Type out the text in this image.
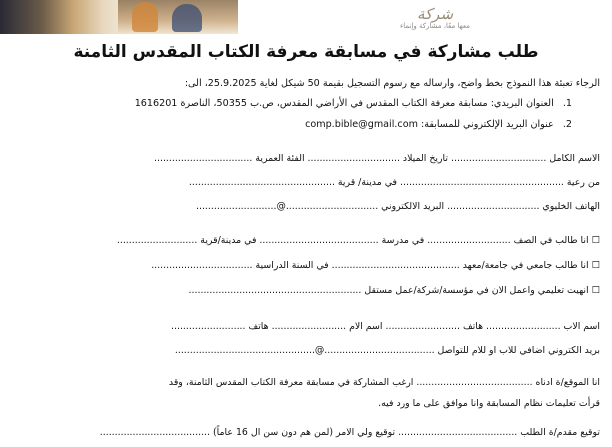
شركة
معها معًا، مشاركة وإنماء
طلب مشاركة في مسابقة معرفة الكتاب المقدس الثامنة
الرجاء تعبئة هذا النموذج بخط واضح، وارساله مع رسوم التسجيل بقيمة 50 شيكل لغاية 25.9.2025، الى:
1. العنوان البريدي: مسابقة معرفة الكتاب المقدس في الأراضي المقدس، ص.ب 50355، الناصرة 1616201
2. عنوان البريد الإلكتروني للمسابقة: comp.bible@gmail.com
الاسم الكامل ................................ تاريخ الميلاد ............................... الفئة العمرية .................................
من رعية ....................................................... في مدينة/ قرية .................................................
الهاتف الخليوي ............................... البريد الالكتروني ...............................@...........................
☐ انا طالب في الصف ............................ في مدرسة ........................................ في مدينة/قرية ...........................
☐ انا طالب جامعي في جامعة/معهد ........................................... في السنة الدراسية ..................................
☐ انهيت تعليمي واعمل الان في مؤسسة/شركة/عمل مستقل ..........................................................
اسم الاب ......................... هاتف ......................... اسم الام ......................... هاتف .........................
بريد الكتروني اضافي للاب او للام للتواصل .....................................@...............................................
انا الموقع/ة ادناه ....................................... ارغب المشاركة في مسابقة معرفة الكتاب المقدس الثامنة، وقد
قرأت تعليمات نظام المسابقة وانا موافق على ما ورد فيه.
توقيع مقدم/ة الطلب ........................................ توقيع ولي الامر (لمن هم دون سن ال 16 عاماً) .....................................
